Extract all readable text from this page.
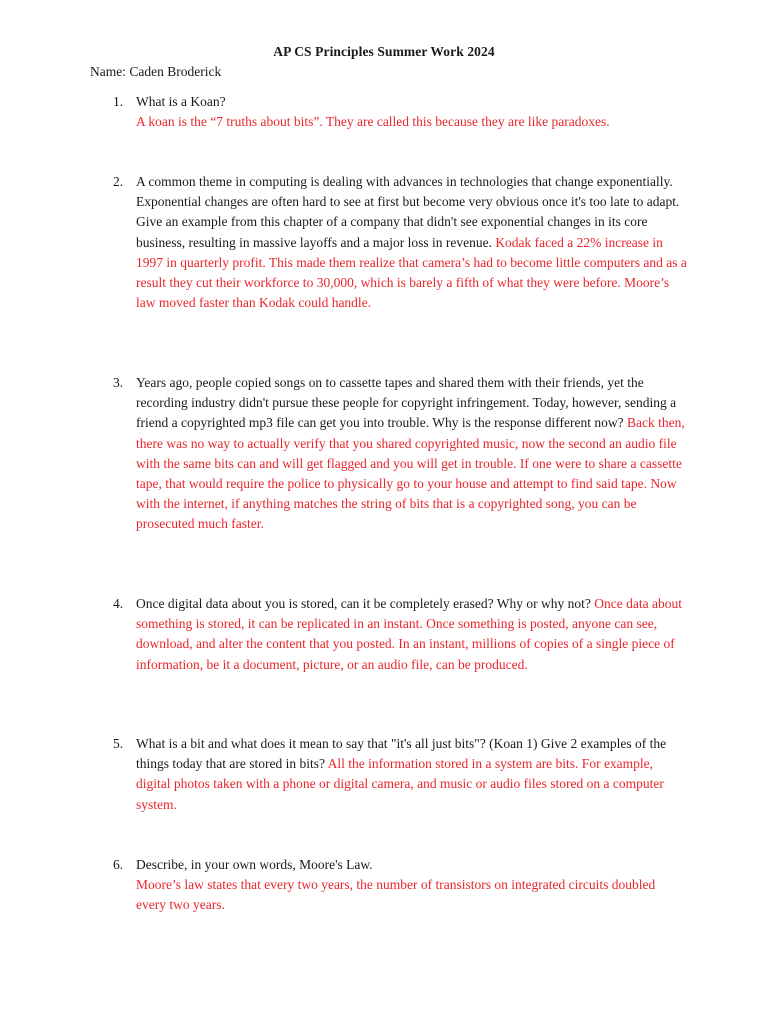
AP CS Principles Summer Work 2024
Name: Caden Broderick
1. What is a Koan?
A koan is the “7 truths about bits”. They are called this because they are like paradoxes.
2. A common theme in computing is dealing with advances in technologies that change exponentially. Exponential changes are often hard to see at first but become very obvious once it's too late to adapt. Give an example from this chapter of a company that didn't see exponential changes in its core business, resulting in massive layoffs and a major loss in revenue. Kodak faced a 22% increase in 1997 in quarterly profit. This made them realize that camera’s had to become little computers and as a result they cut their workforce to 30,000, which is barely a fifth of what they were before. Moore’s law moved faster than Kodak could handle.
3. Years ago, people copied songs on to cassette tapes and shared them with their friends, yet the recording industry didn't pursue these people for copyright infringement. Today, however, sending a friend a copyrighted mp3 file can get you into trouble. Why is the response different now? Back then, there was no way to actually verify that you shared copyrighted music, now the second an audio file with the same bits can and will get flagged and you will get in trouble. If one were to share a cassette tape, that would require the police to physically go to your house and attempt to find said tape. Now with the internet, if anything matches the string of bits that is a copyrighted song, you can be prosecuted much faster.
4. Once digital data about you is stored, can it be completely erased? Why or why not? Once data about something is stored, it can be replicated in an instant. Once something is posted, anyone can see, download, and alter the content that you posted. In an instant, millions of copies of a single piece of information, be it a document, picture, or an audio file, can be produced.
5. What is a bit and what does it mean to say that "it's all just bits"? (Koan 1) Give 2 examples of the things today that are stored in bits? All the information stored in a system are bits. For example, digital photos taken with a phone or digital camera, and music or audio files stored on a computer system.
6. Describe, in your own words, Moore's Law.
Moore’s law states that every two years, the number of transistors on integrated circuits doubled every two years.
